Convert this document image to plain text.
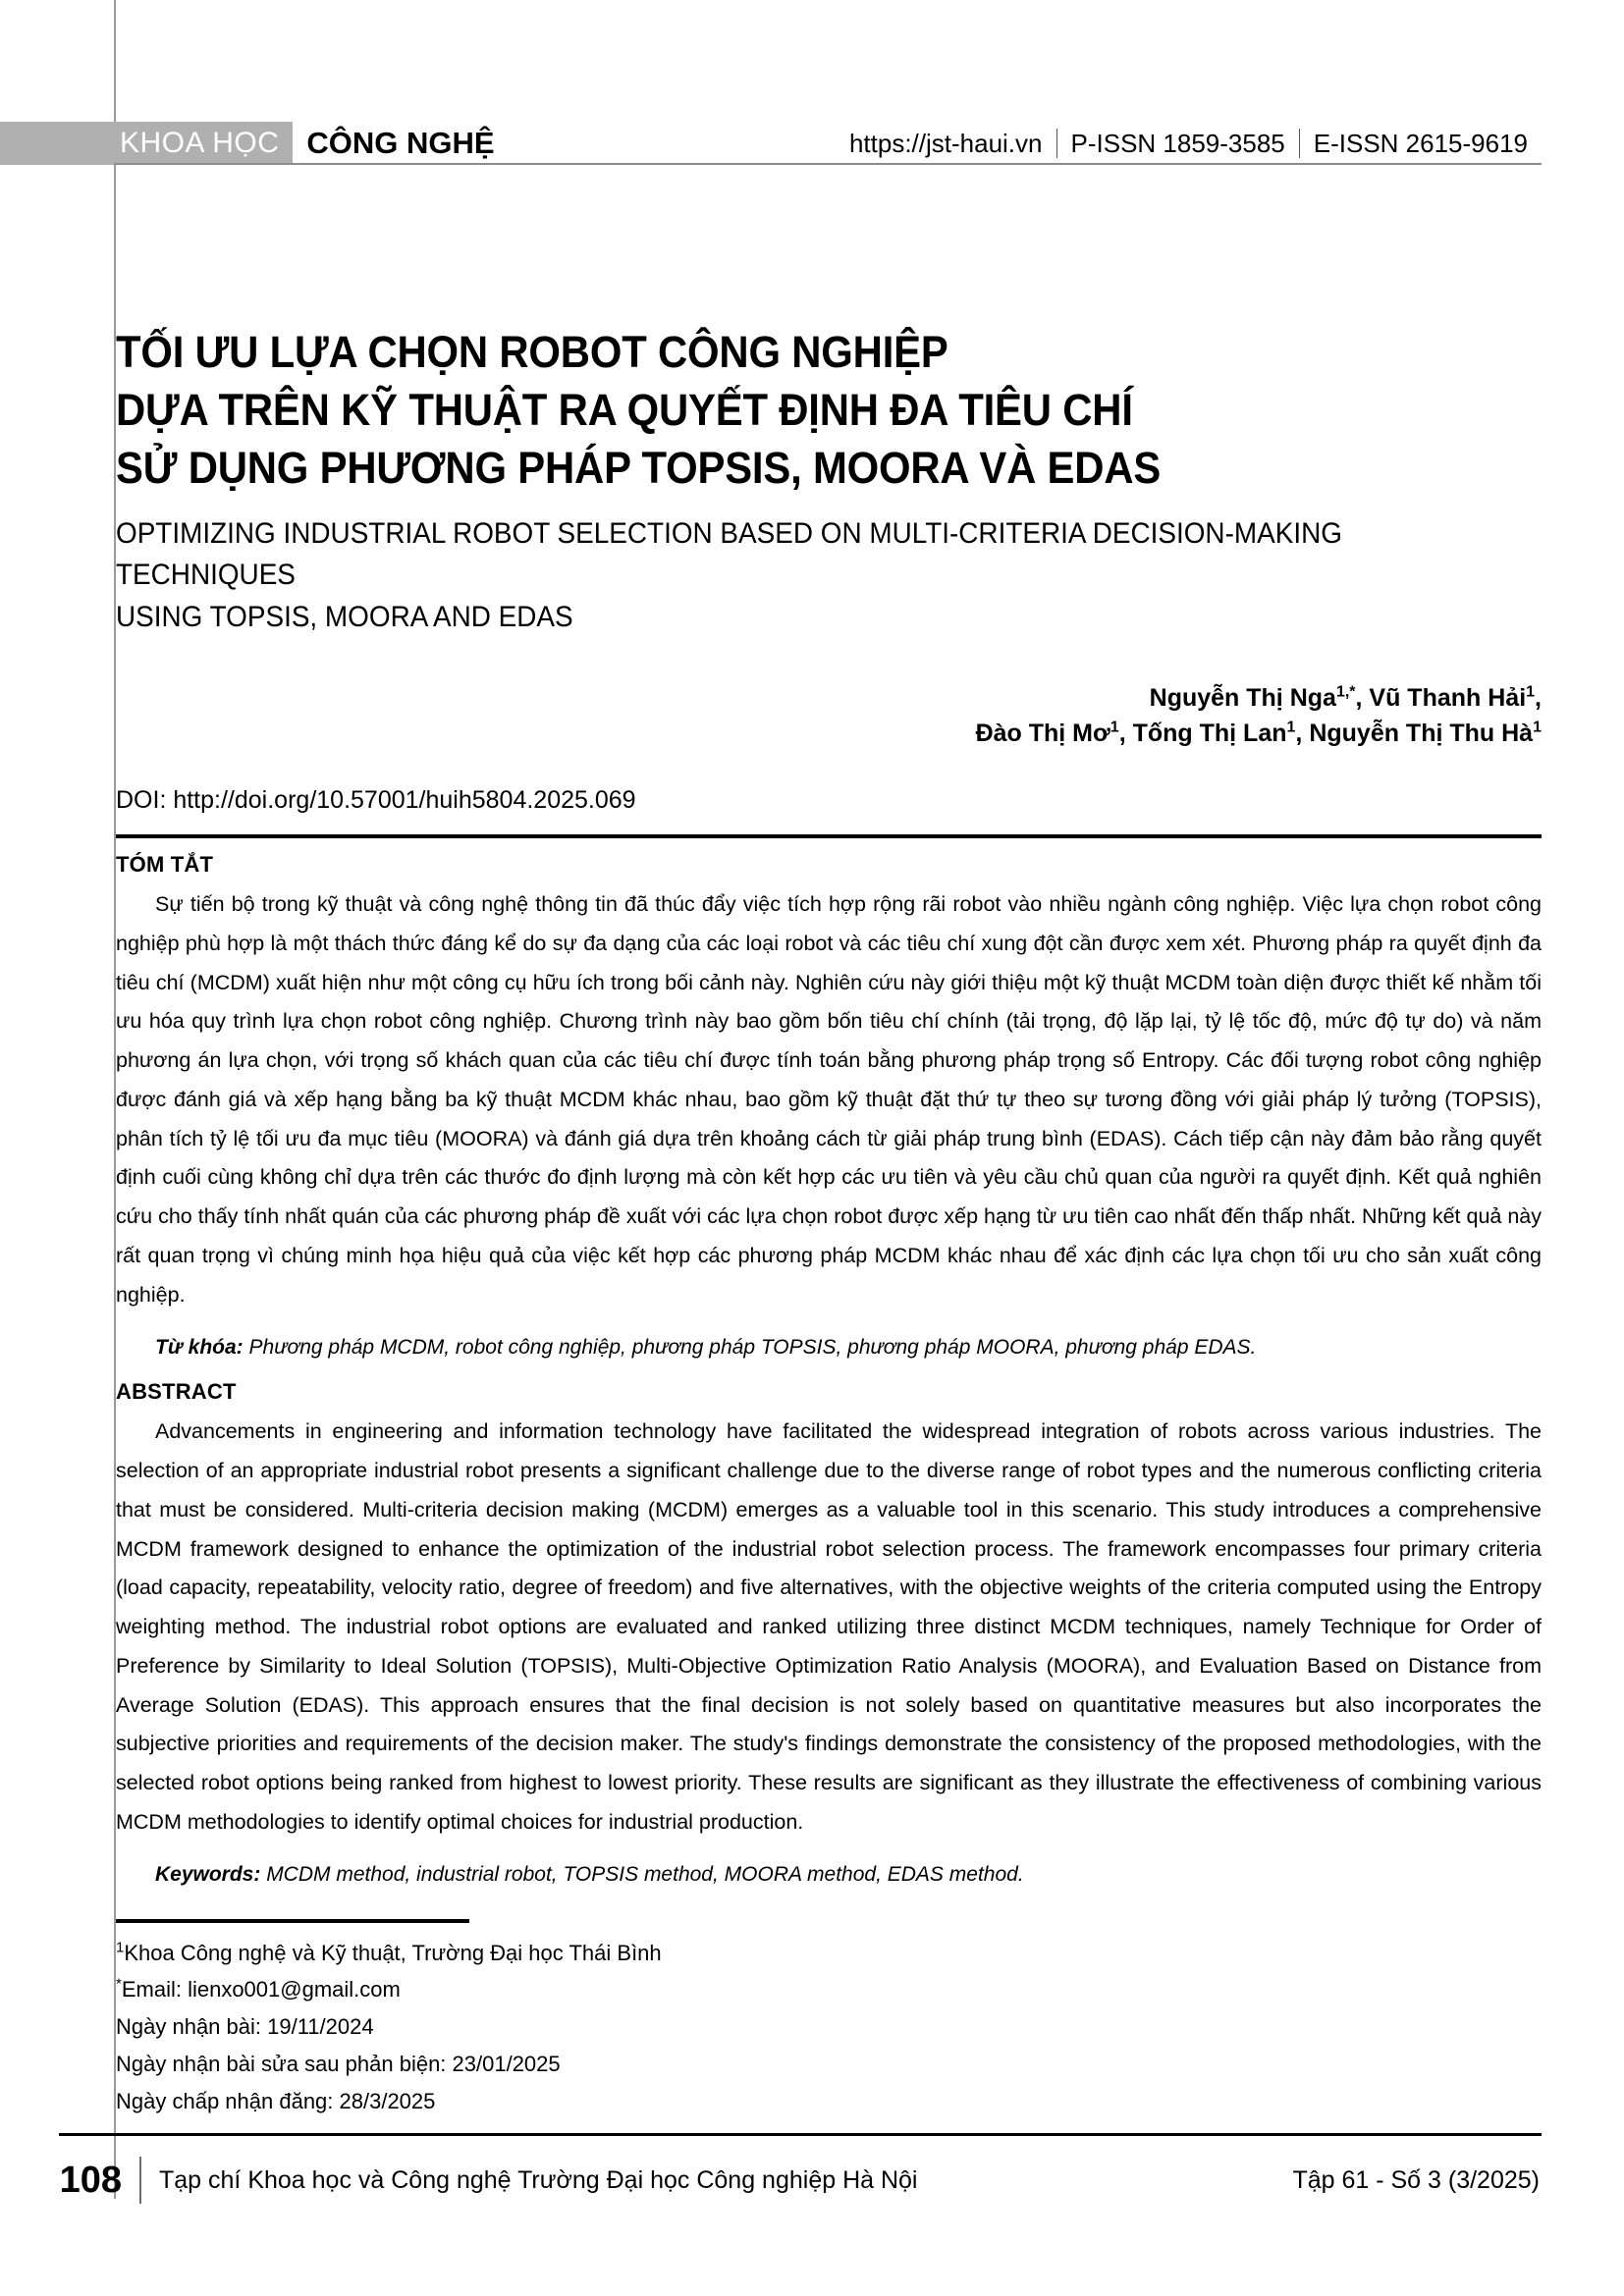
KHOA HỌC CÔNG NGHỆ	https://jst-haui.vn	P-ISSN 1859-3585	E-ISSN 2615-9619
TỐI ƯU LỰA CHỌN ROBOT CÔNG NGHIỆP
DỰA TRÊN KỸ THUẬT RA QUYẾT ĐỊNH ĐA TIÊU CHÍ
SỬ DỤNG PHƯƠNG PHÁP TOPSIS, MOORA VÀ EDAS
OPTIMIZING INDUSTRIAL ROBOT SELECTION BASED ON MULTI-CRITERIA DECISION-MAKING TECHNIQUES
USING TOPSIS, MOORA AND EDAS
Nguyễn Thị Nga$^{1,*}$, Vũ Thanh Hải$^1$,
Đào Thị $Mơ^1$, Tống Thị Lan$^1$, Nguyễn Thị Thu $Hà^1$
DOI: http://doi.org/10.57001/huih5804.2025.069
TÓM TẮT
Sự tiến bộ trong kỹ thuật và công nghệ thông tin đã thúc đẩy việc tích hợp rộng rãi robot vào nhiều ngành công nghiệp. Việc lựa chọn robot công nghiệp phù hợp là một thách thức đáng kể do sự đa dạng của các loại robot và các tiêu chí xung đột cần được xem xét. Phương pháp ra quyết định đa tiêu chí (MCDM) xuất hiện như một công cụ hữu ích trong bối cảnh này. Nghiên cứu này giới thiệu một kỹ thuật MCDM toàn diện được thiết kế nhằm tối ưu hóa quy trình lựa chọn robot công nghiệp. Chương trình này bao gồm bốn tiêu chí chính (tải trọng, độ lặp lại, tỷ lệ tốc độ, mức độ tự do) và năm phương án lựa chọn, với trọng số khách quan của các tiêu chí được tính toán bằng phương pháp trọng số Entropy. Các đối tượng robot công nghiệp được đánh giá và xếp hạng bằng ba kỹ thuật MCDM khác nhau, bao gồm kỹ thuật đặt thứ tự theo sự tương đồng với giải pháp lý tưởng (TOPSIS), phân tích tỷ lệ tối ưu đa mục tiêu (MOORA) và đánh giá dựa trên khoảng cách từ giải pháp trung bình (EDAS). Cách tiếp cận này đảm bảo rằng quyết định cuối cùng không chỉ dựa trên các thước đo định lượng mà còn kết hợp các ưu tiên và yêu cầu chủ quan của người ra quyết định. Kết quả nghiên cứu cho thấy tính nhất quán của các phương pháp đề xuất với các lựa chọn robot được xếp hạng từ ưu tiên cao nhất đến thấp nhất. Những kết quả này rất quan trọng vì chúng minh họa hiệu quả của việc kết hợp các phương pháp MCDM khác nhau để xác định các lựa chọn tối ưu cho sản xuất công nghiệp.
Từ khóa: Phương pháp MCDM, robot công nghiệp, phương pháp TOPSIS, phương pháp MOORA, phương pháp EDAS.
ABSTRACT
Advancements in engineering and information technology have facilitated the widespread integration of robots across various industries. The selection of an appropriate industrial robot presents a significant challenge due to the diverse range of robot types and the numerous conflicting criteria that must be considered. Multi-criteria decision making (MCDM) emerges as a valuable tool in this scenario. This study introduces a comprehensive MCDM framework designed to enhance the optimization of the industrial robot selection process. The framework encompasses four primary criteria (load capacity, repeatability, velocity ratio, degree of freedom) and five alternatives, with the objective weights of the criteria computed using the Entropy weighting method. The industrial robot options are evaluated and ranked utilizing three distinct MCDM techniques, namely Technique for Order of Preference by Similarity to Ideal Solution (TOPSIS), Multi-Objective Optimization Ratio Analysis (MOORA), and Evaluation Based on Distance from Average Solution (EDAS). This approach ensures that the final decision is not solely based on quantitative measures but also incorporates the subjective priorities and requirements of the decision maker. The study's findings demonstrate the consistency of the proposed methodologies, with the selected robot options being ranked from highest to lowest priority. These results are significant as they illustrate the effectiveness of combining various MCDM methodologies to identify optimal choices for industrial production.
Keywords: MCDM method, industrial robot, TOPSIS method, MOORA method, EDAS method.
$^1$Khoa Công nghệ và Kỹ thuật, Trường Đại học Thái Bình
*Email: lienxo001@gmail.com
Ngày nhận bài: 19/11/2024
Ngày nhận bài sửa sau phản biện: 23/01/2025
Ngày chấp nhận đăng: 28/3/2025
108 Tạp chí Khoa học và Công nghệ Trường Đại học Công nghiệp Hà Nội	Tập 61 - Số 3 (3/2025)
